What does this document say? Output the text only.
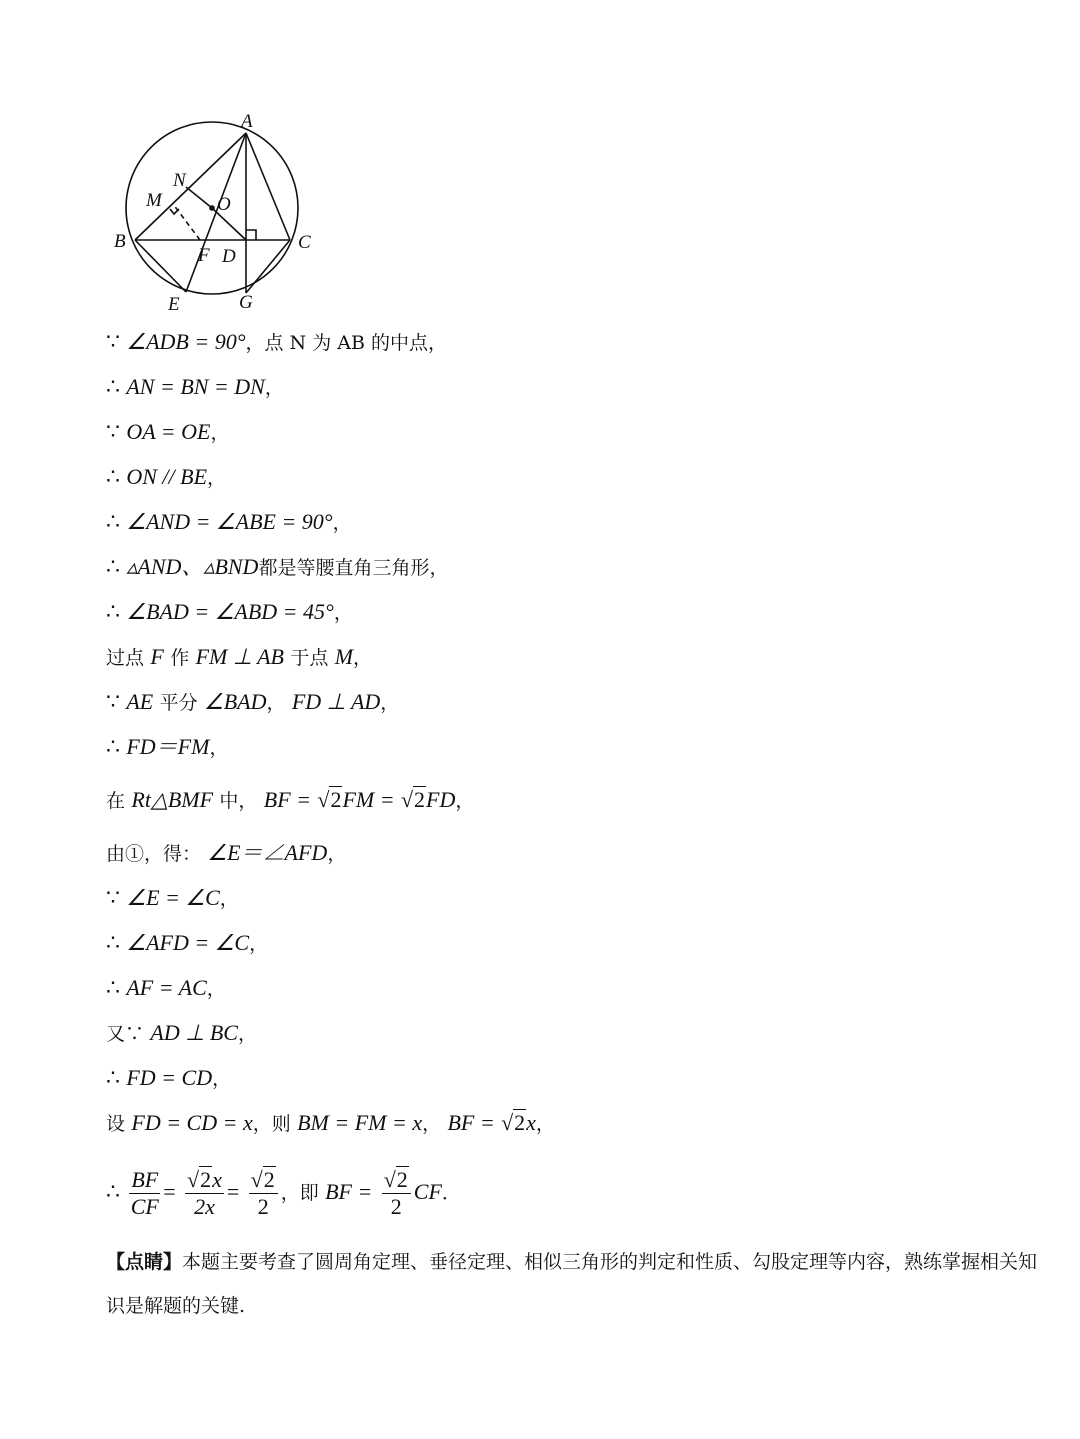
A
B	C
D
E
F
G
M
N
O
∵ ∠ADB = 90°，点 N 为 AB 的中点，
∴ AN = BN = DN，
∵ OA = OE，
∴ ON // BE，
∴ ∠AND = ∠ABE = 90°，
∴ ▵AND、▵BND都是等腰直角三角形，
∴ ∠BAD = ∠ABD = 45°，
过点 F 作 FM ⊥ AB 于点 M，
∵ AE 平分 ∠BAD， FD ⊥ AD，
∴ FD＝FM，
在 Rt△BMF 中， BF = √2FM = √2FD，
由①，得： ∠E＝∠AFD，
∵ ∠E = ∠C，
∴ ∠AFD = ∠C，
∴ AF = AC，
又∵ AD ⊥ BC，
∴ FD = CD，
设 FD = CD = x，则 BM = FM = x， BF = √2x，
∴ $\frac{BF}{CF} = \frac{√2x}{2x} = \frac{√2}{2}$ ，即 BF = $\frac{√2}{2}$ CF．
【点睛】本题主要考查了圆周角定理、垂径定理、相似三角形的判定和性质、勾股定理等内容，熟练掌握相关知识是解题的关键.
